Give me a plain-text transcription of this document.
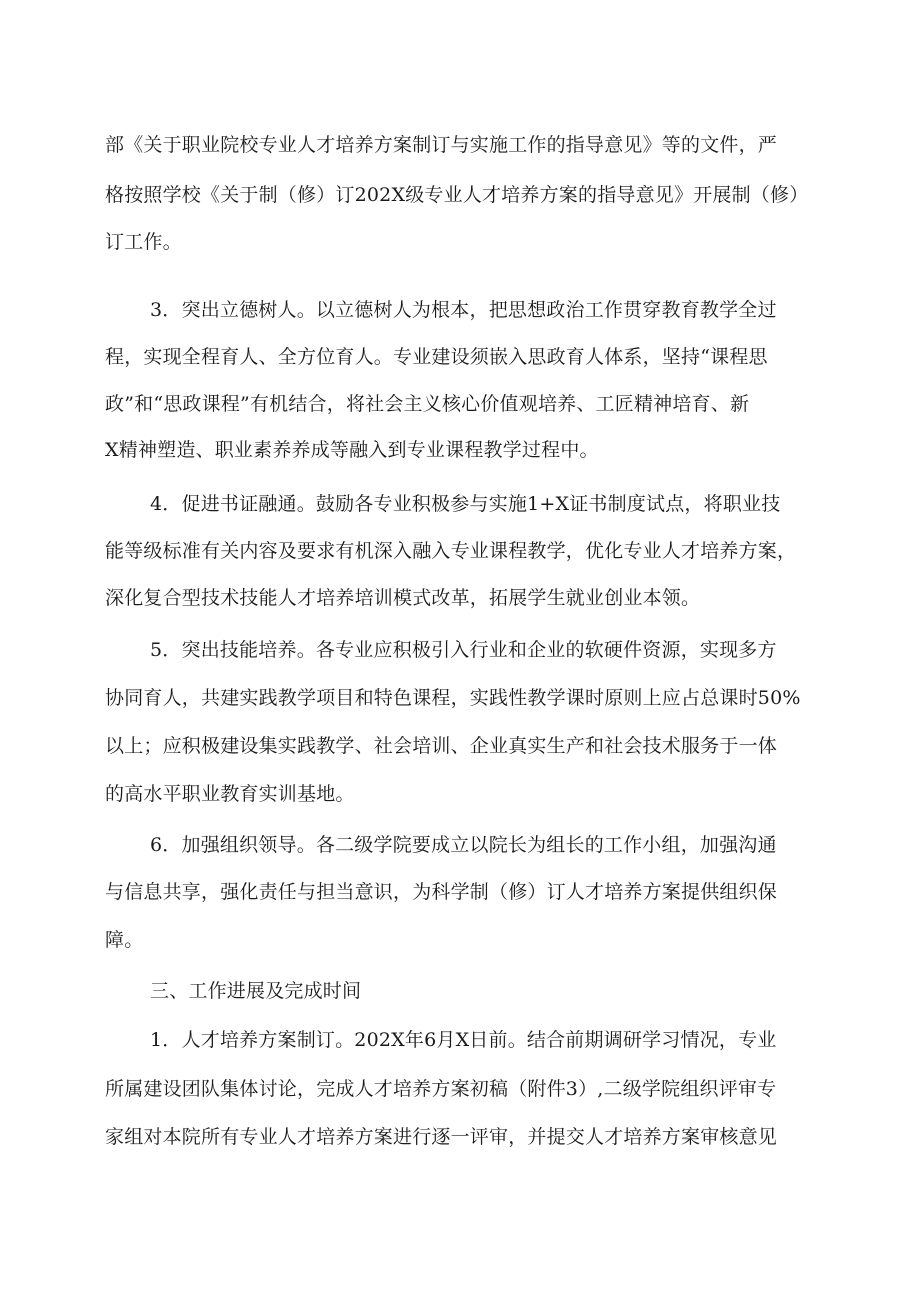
部《关于职业院校专业人才培养方案制订与实施工作的指导意见》等的文件，严
格按照学校《关于制（修）订202X级专业人才培养方案的指导意见》开展制（修）
订工作。
3．突出立德树人。以立德树人为根本，把思想政治工作贯穿教育教学全过
程，实现全程育人、全方位育人。专业建设须嵌入思政育人体系，坚持“课程思
政”和“思政课程”有机结合，将社会主义核心价值观培养、工匠精神培育、新
X精神塑造、职业素养养成等融入到专业课程教学过程中。
4．促进书证融通。鼓励各专业积极参与实施1+X证书制度试点，将职业技
能等级标准有关内容及要求有机深入融入专业课程教学，优化专业人才培养方案，
深化复合型技术技能人才培养培训模式改革，拓展学生就业创业本领。
5．突出技能培养。各专业应积极引入行业和企业的软硬件资源，实现多方
协同育人，共建实践教学项目和特色课程，实践性教学课时原则上应占总课时50%
以上；应积极建设集实践教学、社会培训、企业真实生产和社会技术服务于一体
的高水平职业教育实训基地。
6．加强组织领导。各二级学院要成立以院长为组长的工作小组，加强沟通
与信息共享，强化责任与担当意识，为科学制（修）订人才培养方案提供组织保
障。
三、工作进展及完成时间
1．人才培养方案制订。202X年6月X日前。结合前期调研学习情况，专业
所属建设团队集体讨论，完成人才培养方案初稿（附件3）,二级学院组织评审专
家组对本院所有专业人才培养方案进行逐一评审，并提交人才培养方案审核意见
